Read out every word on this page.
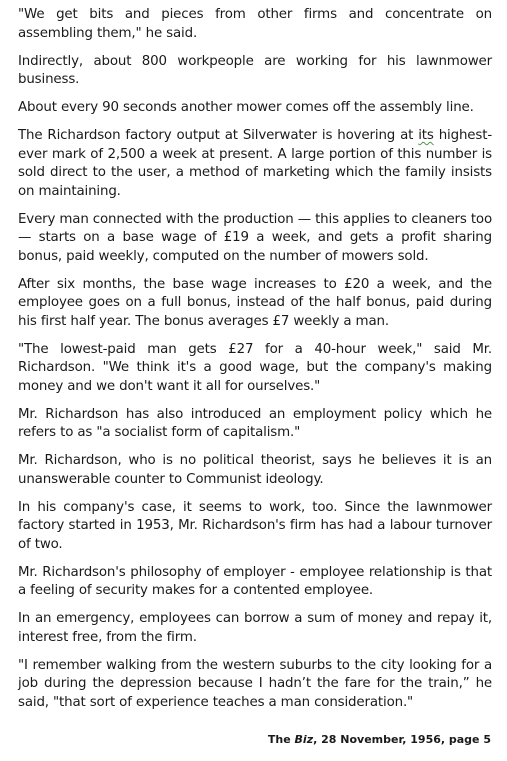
"We get bits and pieces from other firms and concentrate on assembling them," he said.

Indirectly, about 800 workpeople are working for his lawnmower business.

About every 90 seconds another mower comes off the assembly line.

The Richardson factory output at Silverwater is hovering at its highest-ever mark of 2,500 a week at present. A large portion of this number is sold direct to the user, a method of marketing which the family insists on maintaining.

Every man connected with the production — this applies to cleaners too — starts on a base wage of £19 a week, and gets a profit sharing bonus, paid weekly, computed on the number of mowers sold.

After six months, the base wage increases to £20 a week, and the employee goes on a full bonus, instead of the half bonus, paid during his first half year. The bonus averages £7 weekly a man.

"The lowest-paid man gets £27 for a 40-hour week," said Mr. Richardson. "We think it's a good wage, but the company's making money and we don't want it all for ourselves."

Mr. Richardson has also introduced an employment policy which he refers to as "a socialist form of capitalism."

Mr. Richardson, who is no political theorist, says he believes it is an unanswerable counter to Communist ideology.

In his company's case, it seems to work, too. Since the lawnmower factory started in 1953, Mr. Richardson's firm has had a labour turnover of two.

Mr. Richardson's philosophy of employer - employee relationship is that a feeling of security makes for a contented employee.

In an emergency, employees can borrow a sum of money and repay it, interest free, from the firm.

"I remember walking from the western suburbs to the city looking for a job during the depression because I hadn’t the fare for the train,” he said, "that sort of experience teaches a man consideration."

The Biz, 28 November, 1956, page 5
